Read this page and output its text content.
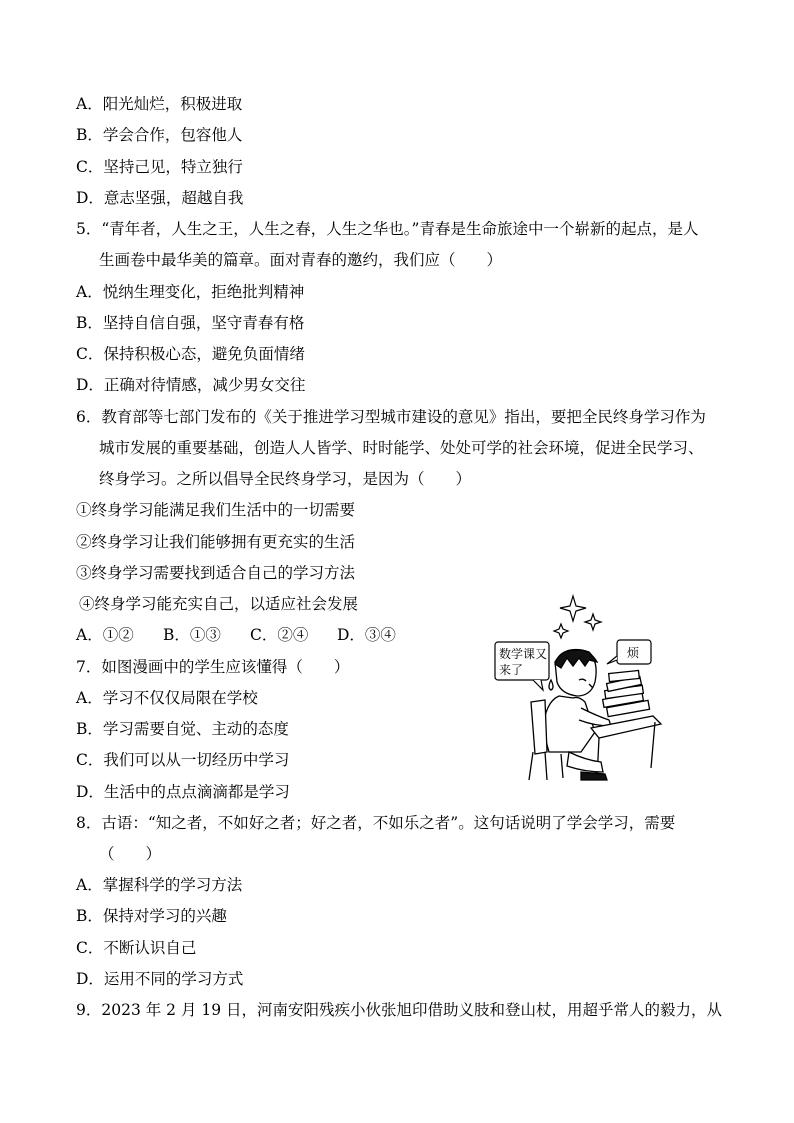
A．阳光灿烂，积极进取
B．学会合作，包容他人
C．坚持己见，特立独行
D．意志坚强，超越自我
5．“青年者，人生之王，人生之春，人生之华也。”青春是生命旅途中一个崭新的起点，是人
生画卷中最华美的篇章。面对青春的邀约，我们应（　　）
A．悦纳生理变化，拒绝批判精神
B．坚持自信自强，坚守青春有格
C．保持积极心态，避免负面情绪
D．正确对待情感，减少男女交往
6．教育部等七部门发布的《关于推进学习型城市建设的意见》指出，要把全民终身学习作为
城市发展的重要基础，创造人人皆学、时时能学、处处可学的社会环境，促进全民学习、
终身学习。之所以倡导全民终身学习，是因为（　　）
①终身学习能满足我们生活中的一切需要
②终身学习让我们能够拥有更充实的生活
③终身学习需要找到适合自己的学习方法
④终身学习能充实自己，以适应社会发展
A．①② B．①③ C．②④ D．③④
7．如图漫画中的学生应该懂得（　　）
A．学习不仅仅局限在学校
B．学习需要自觉、主动的态度
C．我们可以从一切经历中学习
D．生活中的点点滴滴都是学习
8．古语：“知之者，不如好之者；好之者，不如乐之者”。这句话说明了学会学习，需要
（　　）
A．掌握科学的学习方法
B．保持对学习的兴趣
C．不断认识自己
D．运用不同的学习方式
9．2023 年 2 月 19 日，河南安阳残疾小伙张旭印借助义肢和登山杖，用超乎常人的毅力，从
数学课又
来了
烦
